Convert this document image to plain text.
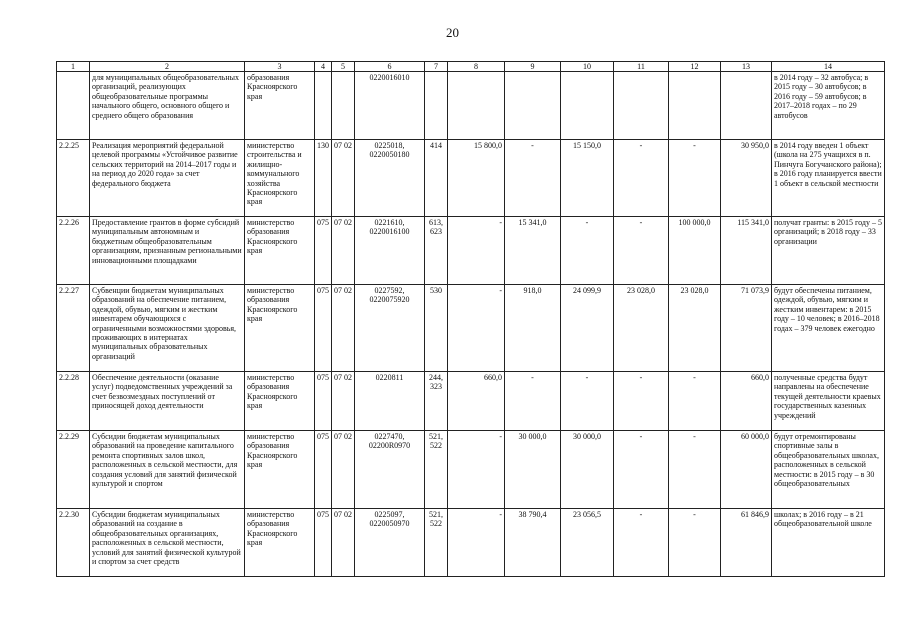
20
1	2	3	4	5	6	7	8	9	10	11	12	13	14
	для муниципальных общеобразовательных организаций, реализующих общеобразовательные программы начального общего, основного общего и среднего общего образования	образования Красноярского края			0220016010								в 2014 году – 32 автобуса; в 2015 году – 30 автобусов; в 2016 году – 59 автобусов; в 2017–2018 годах – по 29 автобусов
2.2.25	Реализация мероприятий федеральной целевой программы «Устойчивое развитие сельских территорий на 2014–2017 годы и на период до 2020 года» за счет федерального бюджета	министерство строительства и жилищно-коммунального хозяйства Красноярского края	130	07 02	0225018, 0220050180	414	15 800,0	-	15 150,0	-	-	30 950,0	в 2014 году введен 1 объект (школа на 275 учащихся в п. Пинчуга Богучанского района); в 2016 году планируется ввести 1 объект в сельской местности
2.2.26	Предоставление грантов в форме субсидий муниципальным автономным и бюджетным общеобразовательным организациям, признанным региональными инновационными площадками	министерство образования Красноярского края	075	07 02	0221610, 0220016100	613, 623	-	15 341,0	-	-	100 000,0	115 341,0	получат гранты: в 2015 году – 5 организаций; в 2018 году – 33 организации
2.2.27	Субвенции бюджетам муниципальных образований на обеспечение питанием, одеждой, обувью, мягким и жестким инвентарем обучающихся с ограниченными возможностями здоровья, проживающих в интернатах муниципальных образовательных организаций	министерство образования Красноярского края	075	07 02	0227592, 0220075920	530	-	918,0	24 099,9	23 028,0	23 028,0	71 073,9	будут обеспечены питанием, одеждой, обувью, мягким и жестким инвентарем: в 2015 году – 10 человек; в 2016–2018 годах – 379 человек ежегодно
2.2.28	Обеспечение деятельности (оказание услуг) подведомственных учреждений за счет безвозмездных поступлений от приносящей доход деятельности	министерство образования Красноярского края	075	07 02	0220811	244, 323	660,0	-	-	-	-	660,0	полученные средства будут направлены на обеспечение текущей деятельности краевых государственных казенных учреждений
2.2.29	Субсидии бюджетам муниципальных образований на проведение капитального ремонта спортивных залов школ, расположенных в сельской местности, для создания условий для занятий физической культурой и спортом	министерство образования Красноярского края	075	07 02	0227470, 02200R0970	521, 522	-	30 000,0	30 000,0	-	-	60 000,0	будут отремонтированы спортивные залы в общеобразовательных школах, расположенных в сельской местности: в 2015 году – в 30 общеобразовательных
2.2.30	Субсидии бюджетам муниципальных образований на создание в общеобразовательных организациях, расположенных в сельской местности, условий для занятий физической культурой и спортом за счет средств	министерство образования Красноярского края	075	07 02	0225097, 0220050970	521, 522	-	38 790,4	23 056,5	-	-	61 846,9	школах; в 2016 году – в 21 общеобразовательной школе
